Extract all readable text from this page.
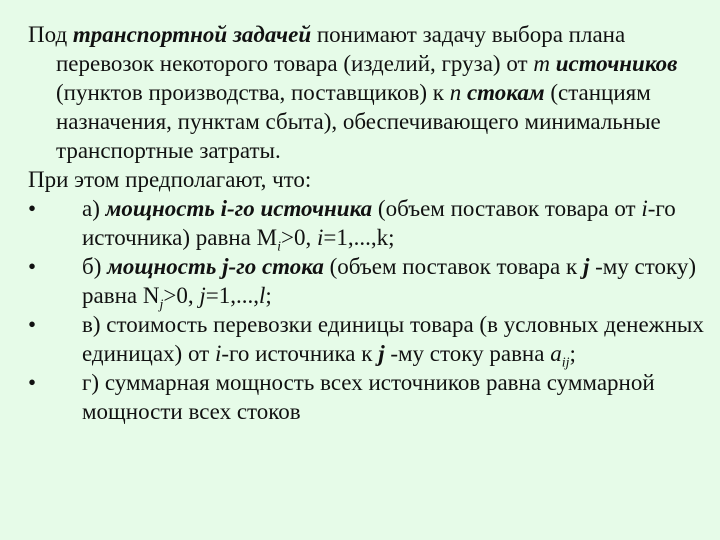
Под транспортной задачей понимают задачу выбора плана перевозок некоторого товара (изделий, груза) от m источников (пунктов производства, поставщиков) к n стокам (станциям назначения, пунктам сбыта), обеспечивающего минимальные транспортные затраты.

При этом предполагают, что:

•	а) мощность i-го источника (объем поставок товара от i-го источника) равна $M_i>0$, i=1,...,k;
•	б) мощность j-го стока (объем поставок товара к j -му стоку) равна $N_j>0$, j=1,...,l;
•	в) стоимость перевозки единицы товара (в условных денежных единицах) от i-го источника к j -му стоку равна $a_{ij}$;
•	г) суммарная мощность всех источников равна суммарной мощности всех стоков
